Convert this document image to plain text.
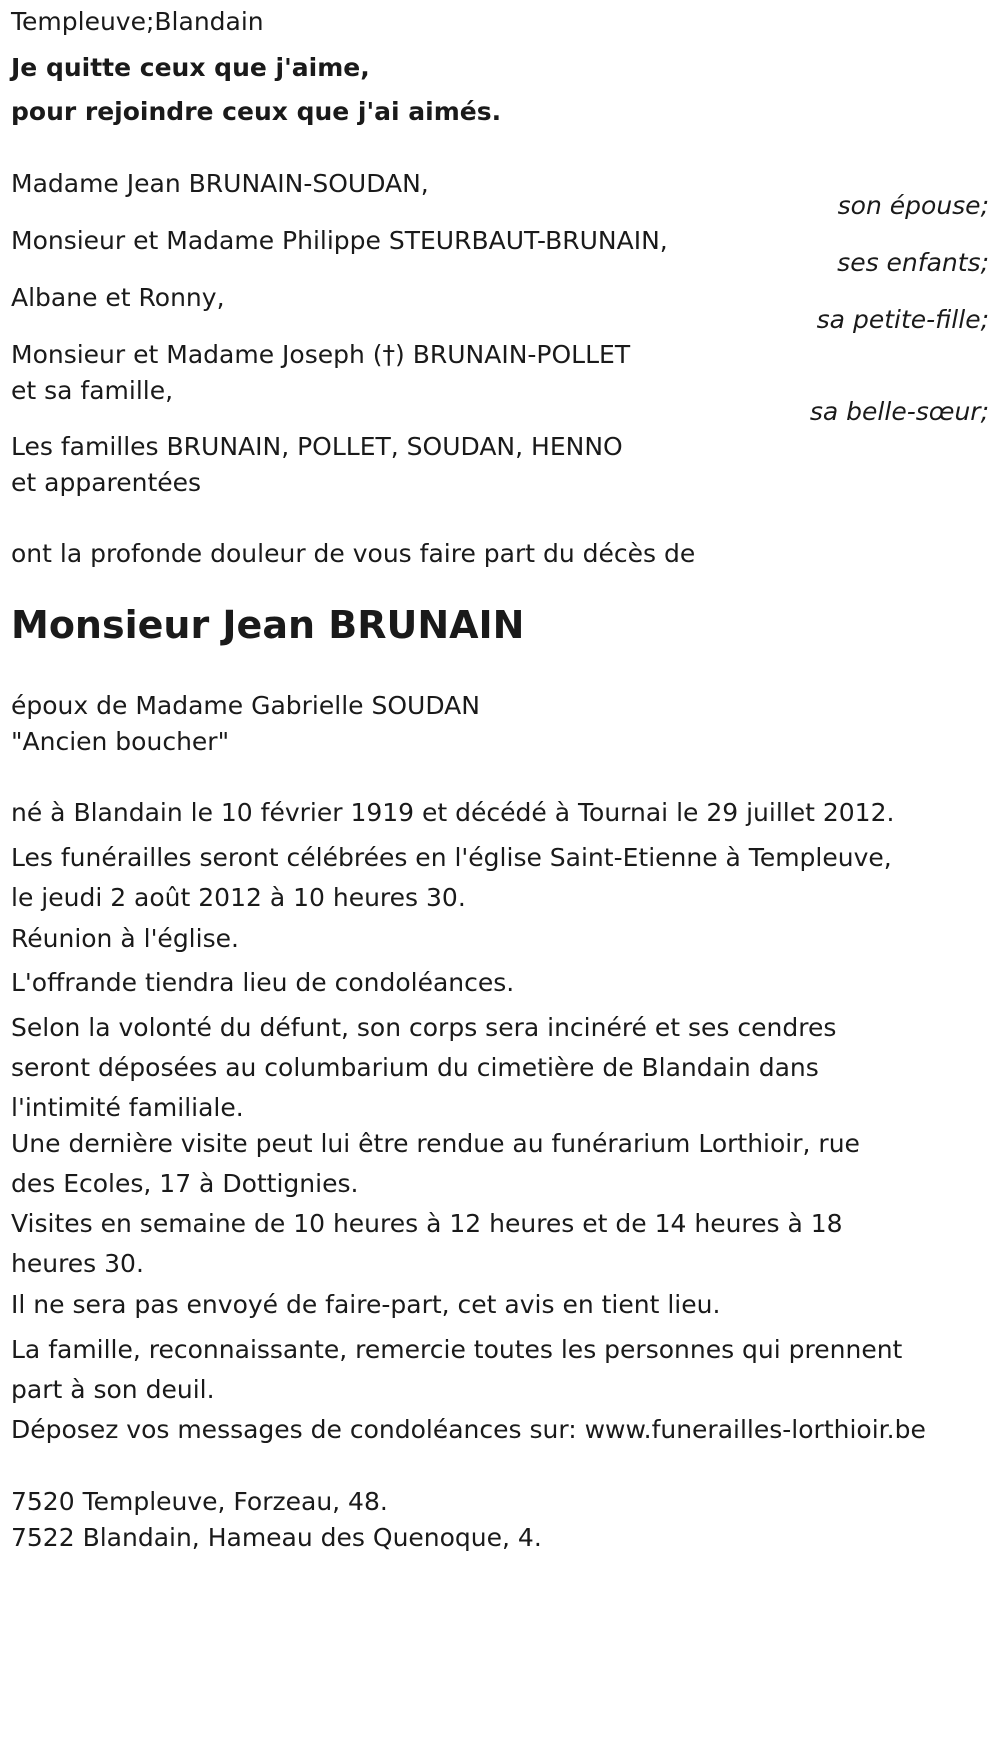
Templeuve;Blandain
Je quitte ceux que j'aime,
pour rejoindre ceux que j'ai aimés.
Madame Jean BRUNAIN-SOUDAN,
son épouse;
Monsieur et Madame Philippe STEURBAUT-BRUNAIN,
ses enfants;
Albane et Ronny,
sa petite-fille;
Monsieur et Madame Joseph (†) BRUNAIN-POLLET
et sa famille,
sa belle-sœur;
Les familles BRUNAIN, POLLET, SOUDAN, HENNO
et apparentées
ont la profonde douleur de vous faire part du décès de
Monsieur Jean BRUNAIN
époux de Madame Gabrielle SOUDAN
"Ancien boucher"
né à Blandain le 10 février 1919 et décédé à Tournai le 29 juillet 2012.
Les funérailles seront célébrées en l'église Saint-Etienne à Templeuve, le jeudi 2 août 2012 à 10 heures 30.
Réunion à l'église.
L'offrande tiendra lieu de condoléances.
Selon la volonté du défunt, son corps sera incinéré et ses cendres seront déposées au columbarium du cimetière de Blandain dans l'intimité familiale.
Une dernière visite peut lui être rendue au funérarium Lorthioir, rue des Ecoles, 17 à Dottignies.
Visites en semaine de 10 heures à 12 heures et de 14 heures à 18 heures 30.
Il ne sera pas envoyé de faire-part, cet avis en tient lieu.
La famille, reconnaissante, remercie toutes les personnes qui prennent part à son deuil.
Déposez vos messages de condoléances sur: www.funerailles-lorthioir.be
7520 Templeuve, Forzeau, 48.
7522 Blandain, Hameau des Quenoque, 4.
